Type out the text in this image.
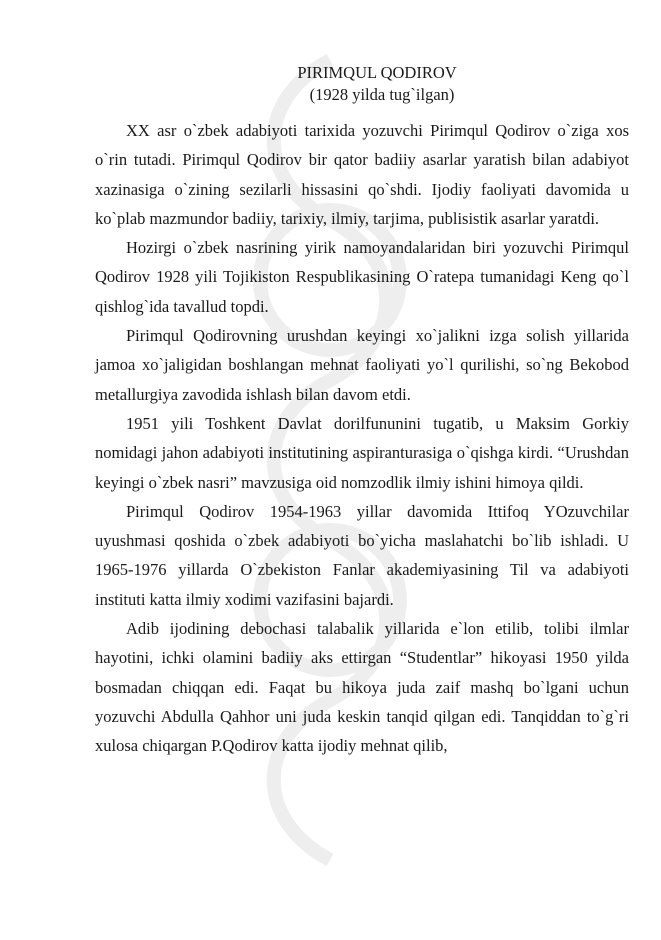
PIRIMQUL QODIROV

(1928 yilda tug`ilgan)

XX asr o`zbek adabiyoti tarixida yozuvchi Pirimqul Qodirov o`ziga xos o`rin tutadi. Pirimqul Qodirov bir qator badiiy asarlar yaratish bilan adabiyot xazinasiga o`zining sezilarli hissasini qo`shdi. Ijodiy faoliyati davomida u ko`plab mazmundor badiiy, tarixiy, ilmiy, tarjima, publisistik asarlar yaratdi.

Hozirgi o`zbek nasrining yirik namoyandalaridan biri yozuvchi Pirimqul Qodirov 1928 yili Tojikiston Respublikasining O`ratepa tumanidagi Keng qo`l qishlog`ida tavallud topdi.

Pirimqul Qodirovning urushdan keyingi xo`jalikni izga solish yillarida jamoa xo`jaligidan boshlangan mehnat faoliyati yo`l qurilishi, so`ng Bekobod metallurgiya zavodida ishlash bilan davom etdi.

1951 yili Toshkent Davlat dorilfununini tugatib, u Maksim Gorkiy nomidagi jahon adabiyoti institutining aspiranturasiga o`qishga kirdi. “Urushdan keyingi o`zbek nasri” mavzusiga oid nomzodlik ilmiy ishini himoya qildi.

Pirimqul Qodirov 1954-1963 yillar davomida Ittifoq YOzuvchilar uyushmasi qoshida o`zbek adabiyoti bo`yicha maslahatchi bo`lib ishladi. U 1965-1976 yillarda O`zbekiston Fanlar akademiyasining Til va adabiyoti instituti katta ilmiy xodimi vazifasini bajardi.

Adib ijodining debochasi talabalik yillarida e`lon etilib, tolibi ilmlar hayotini, ichki olamini badiiy aks ettirgan “Studentlar” hikoyasi 1950 yilda bosmadan chiqqan edi. Faqat bu hikoya juda zaif mashq bo`lgani uchun yozuvchi Abdulla Qahhor uni juda keskin tanqid qilgan edi. Tanqiddan to`g`ri xulosa chiqargan P.Qodirov katta ijodiy mehnat qilib,
